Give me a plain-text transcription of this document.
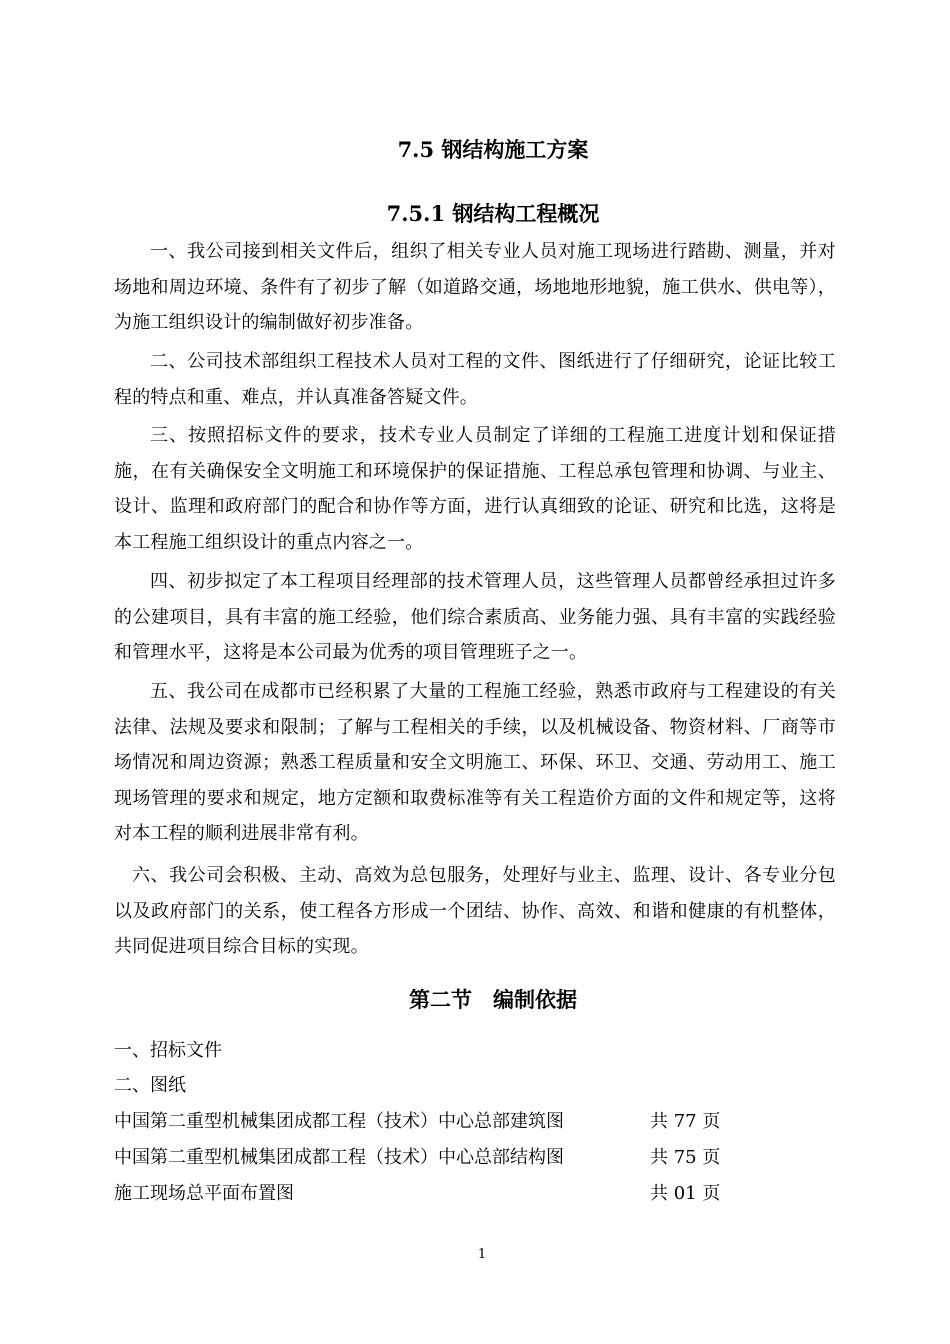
7.5 钢结构施工方案
7.5.1 钢结构工程概况

一、我公司接到相关文件后，组织了相关专业人员对施工现场进行踏勘、测量，并对场地和周边环境、条件有了初步了解（如道路交通，场地地形地貌，施工供水、供电等），为施工组织设计的编制做好初步准备。

二、公司技术部组织工程技术人员对工程的文件、图纸进行了仔细研究，论证比较工程的特点和重、难点，并认真准备答疑文件。

三、按照招标文件的要求，技术专业人员制定了详细的工程施工进度计划和保证措施，在有关确保安全文明施工和环境保护的保证措施、工程总承包管理和协调、与业主、设计、监理和政府部门的配合和协作等方面，进行认真细致的论证、研究和比选，这将是本工程施工组织设计的重点内容之一。

四、初步拟定了本工程项目经理部的技术管理人员，这些管理人员都曾经承担过许多的公建项目，具有丰富的施工经验，他们综合素质高、业务能力强、具有丰富的实践经验和管理水平，这将是本公司最为优秀的项目管理班子之一。

五、我公司在成都市已经积累了大量的工程施工经验，熟悉市政府与工程建设的有关法律、法规及要求和限制；了解与工程相关的手续，以及机械设备、物资材料、厂商等市场情况和周边资源；熟悉工程质量和安全文明施工、环保、环卫、交通、劳动用工、施工现场管理的要求和规定，地方定额和取费标准等有关工程造价方面的文件和规定等，这将对本工程的顺利进展非常有利。

六、我公司会积极、主动、高效为总包服务，处理好与业主、监理、设计、各专业分包以及政府部门的关系，使工程各方形成一个团结、协作、高效、和谐和健康的有机整体，共同促进项目综合目标的实现。

第二节　编制依据

一、招标文件

二、图纸

中国第二重型机械集团成都工程（技术）中心总部建筑图	共 77 页
中国第二重型机械集团成都工程（技术）中心总部结构图	共 75 页
施工现场总平面布置图	共 01 页
1
